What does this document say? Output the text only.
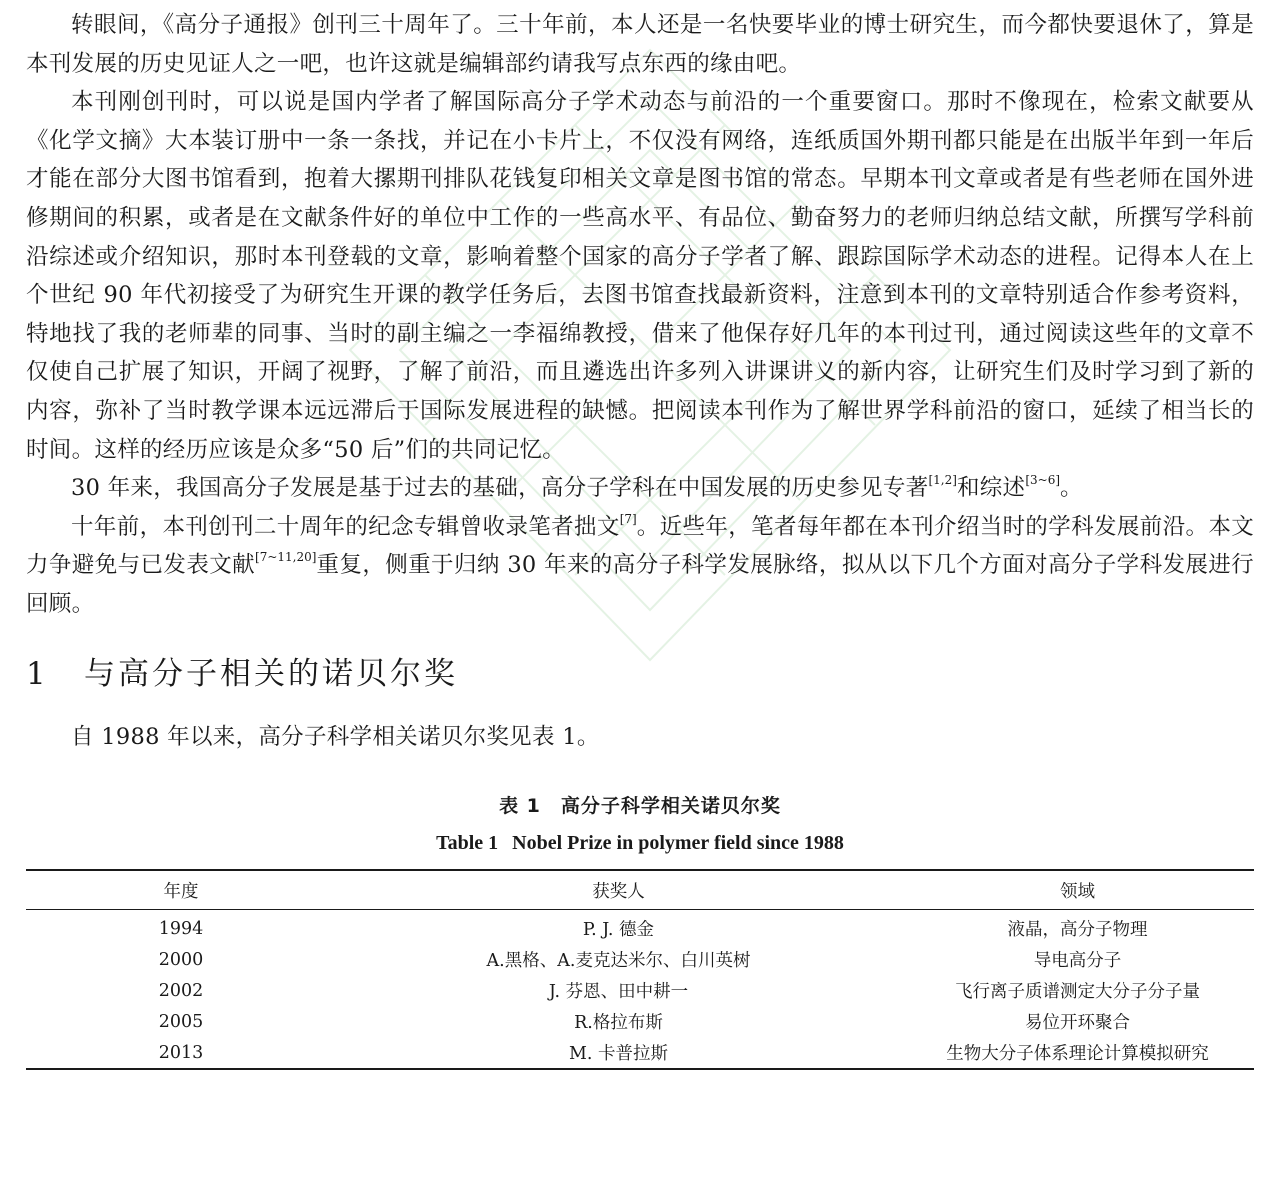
转眼间，《高分子通报》创刊三十周年了。三十年前，本人还是一名快要毕业的博士研究生，而今都快要退休了，算是本刊发展的历史见证人之一吧，也许这就是编辑部约请我写点东西的缘由吧。

本刊刚创刊时，可以说是国内学者了解国际高分子学术动态与前沿的一个重要窗口。那时不像现在，检索文献要从《化学文摘》大本装订册中一条一条找，并记在小卡片上，不仅没有网络，连纸质国外期刊都只能是在出版半年到一年后才能在部分大图书馆看到，抱着大摞期刊排队花钱复印相关文章是图书馆的常态。早期本刊文章或者是有些老师在国外进修期间的积累，或者是在文献条件好的单位中工作的一些高水平、有品位、勤奋努力的老师归纳总结文献，所撰写学科前沿综述或介绍知识，那时本刊登载的文章，影响着整个国家的高分子学者了解、跟踪国际学术动态的进程。记得本人在上个世纪 90 年代初接受了为研究生开课的教学任务后，去图书馆查找最新资料，注意到本刊的文章特别适合作参考资料，特地找了我的老师辈的同事、当时的副主编之一李福绵教授，借来了他保存好几年的本刊过刊，通过阅读这些年的文章不仅使自己扩展了知识，开阔了视野，了解了前沿，而且遴选出许多列入讲课讲义的新内容，让研究生们及时学习到了新的内容，弥补了当时教学课本远远滞后于国际发展进程的缺憾。把阅读本刊作为了解世界学科前沿的窗口，延续了相当长的时间。这样的经历应该是众多“50 后”们的共同记忆。

30 年来，我国高分子发展是基于过去的基础，高分子学科在中国发展的历史参见专著[1,2]和综述[3~6]。

十年前，本刊创刊二十周年的纪念专辑曾收录笔者拙文[7]。近些年，笔者每年都在本刊介绍当时的学科发展前沿。本文力争避免与已发表文献[7~11,20]重复，侧重于归纳 30 年来的高分子科学发展脉络，拟从以下几个方面对高分子学科发展进行回顾。

1 与高分子相关的诺贝尔奖

自 1988 年以来，高分子科学相关诺贝尔奖见表 1。

表 1 高分子科学相关诺贝尔奖
Table 1 Nobel Prize in polymer field since 1988
年度	获奖人	领域
1994	P. J. 德金	液晶，高分子物理
2000	A.黑格、A.麦克达米尔、白川英树	导电高分子
2002	J. 芬恩、田中耕一	飞行离子质谱测定大分子分子量
2005	R.格拉布斯	易位开环聚合
2013	M. 卡普拉斯	生物大分子体系理论计算模拟研究
